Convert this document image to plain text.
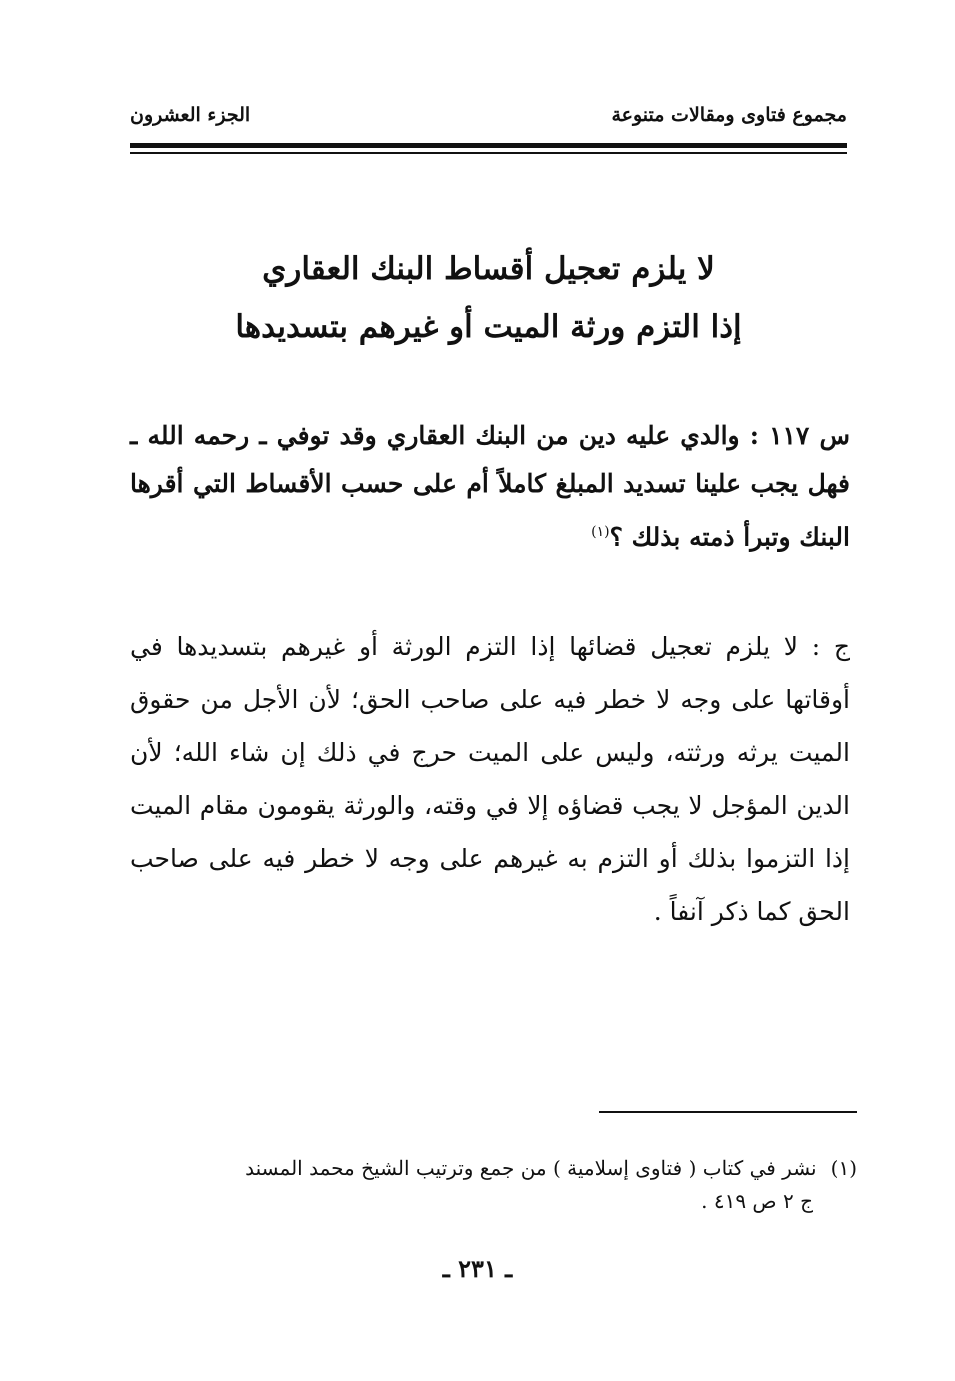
مجموع فتاوى ومقالات متنوعة
الجزء العشرون
لا يلزم تعجيل أقساط البنك العقاري
إذا التزم ورثة الميت أو غيرهم بتسديدها

س ١١٧ : والدي عليه دين من البنك العقاري وقد توفي ـ رحمه الله ـ فهل يجب علينا تسديد المبلغ كاملاً أم على حسب الأقساط التي أقرها البنك وتبرأ ذمته بذلك ؟$^{(١)}$

ج : لا يلزم تعجيل قضائها إذا التزم الورثة أو غيرهم بتسديدها في أوقاتها على وجه لا خطر فيه على صاحب الحق؛ لأن الأجل من حقوق الميت يرثه ورثته، وليس على الميت حرج في ذلك إن شاء الله؛ لأن الدين المؤجل لا يجب قضاؤه إلا في وقته، والورثة يقومون مقام الميت إذا التزموا بذلك أو التزم به غيرهم على وجه لا خطر فيه على صاحب الحق كما ذكر آنفاً .

(١)نشر في كتاب ( فتاوى إسلامية ) من جمع وترتيب الشيخ محمد المسند
ج ٢ ص ٤١٩ .
ـ ٢٣١ ـ
